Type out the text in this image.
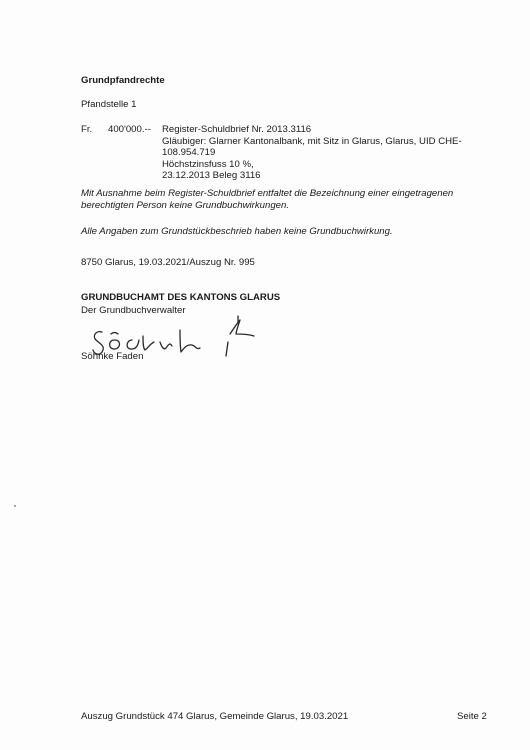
Grundpfandrechte
Pfandstelle 1
Fr. 400'000.-- Register-Schuldbrief Nr. 2013.3116
Gläubiger: Glarner Kantonalbank, mit Sitz in Glarus, Glarus, UID CHE-
108.954.719
Höchstzinsfuss 10 %,
23.12.2013 Beleg 3116
Mit Ausnahme beim Register-Schuldbrief entfaltet die Bezeichnung einer eingetragenen
berechtigten Person keine Grundbuchwirkungen.
Alle Angaben zum Grundstückbeschrieb haben keine Grundbuchwirkung.
8750 Glarus, 19.03.2021/Auszug Nr. 995
GRUNDBUCHAMT DES KANTONS GLARUS
Der Grundbuchverwalter
Söhnke Faden
Auszug Grundstück 474 Glarus, Gemeinde Glarus, 19.03.2021	Seite 2
